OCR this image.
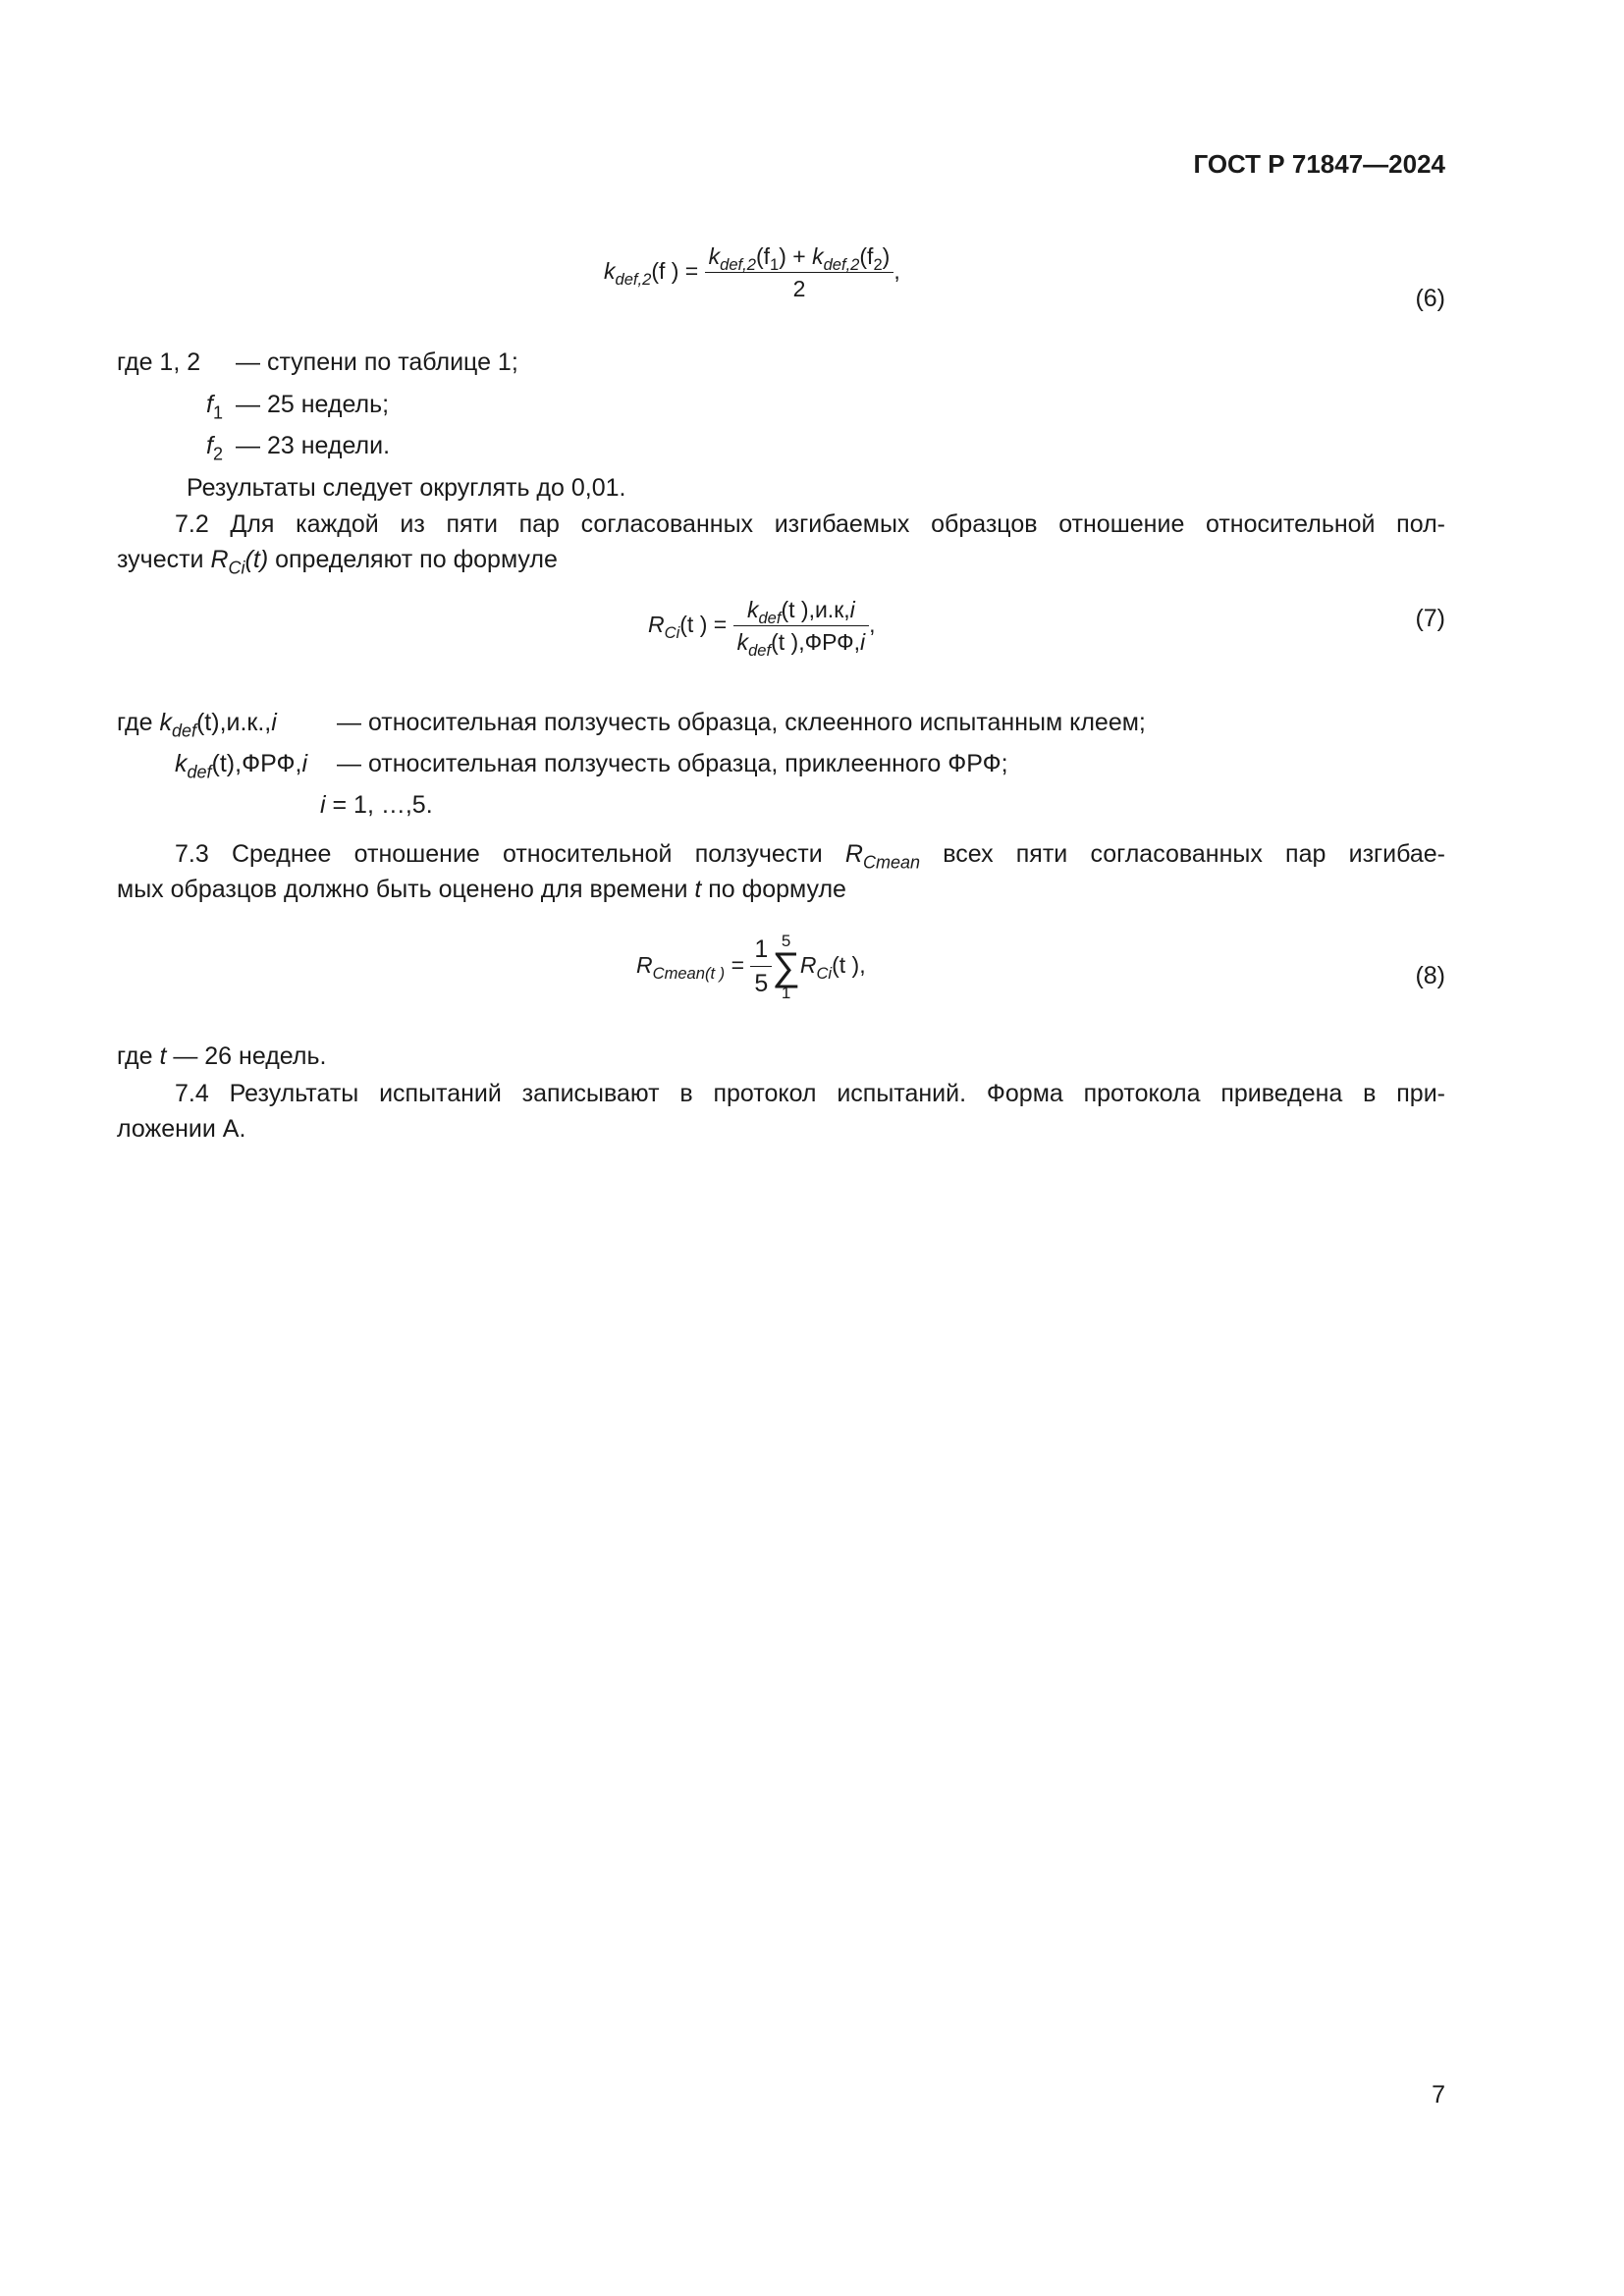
ГОСТ Р 71847—2024
$k_{def,2}(f$ ) = $\frac{k_{def,2}(f_1) + k_{def,2}(f_2)}{2}$ ,
(6)
где 1, 2 — ступени по таблице 1;
$f_1$ — 25 недель;
$f_2$ — 23 недели.
Результаты следует округлять до 0,01.
7.2 Для каждой из пяти пар согласованных изгибаемых образцов отношение относительной пол-
зучести $R_{Ci}(t)$ определяют по формуле
$R_{Ci}(t$ ) = $\frac{k_{def}(t ),и.к,i}{k_{def}(t ),ФРФ,i}$ ,	(7)
где $k_{def}(t),и.к.,i$ — относительная ползучесть образца, склеенного испытанным клеем;
$k_{def}(t),ФРФ,i$ — относительная ползучесть образца, приклеенного ФРФ;
i = 1, …,5.
7.3 Среднее отношение относительной ползучести $R_{Cmean}$ всех пяти согласованных пар изгибае-
мых образцов должно быть оценено для времени t по формуле
$R_{Cmean(t )} = \frac{1}{5} 5$
∑
1
$R_{Ci}(t$ ),	(8)
где t — 26 недель.
7.4 Результаты испытаний записывают в протокол испытаний. Форма протокола приведена в при-
ложении А.
7
